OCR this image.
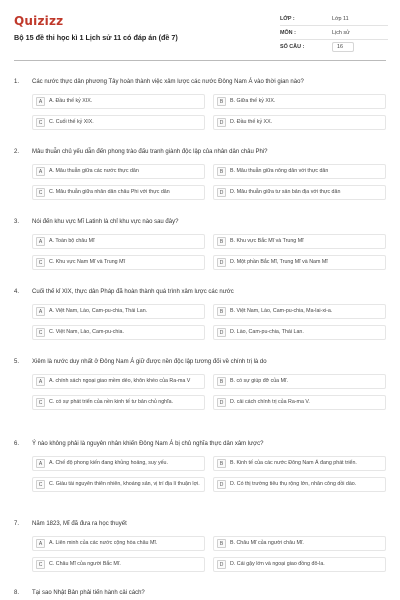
Quizizz
Bộ 15 đề thi học kì 1 Lịch sử 11 có đáp án (đề 7)
LỚP :	Lớp 11
MÔN :	Lịch sử
SỐ CÂU :	16
1.	Các nước thực dân phương Tây hoàn thành việc xâm lược các nước Đông Nam Á vào thời gian nào?
A	A. Đầu thế kỷ XIX.	B	B. Giữa thế kỷ XIX.
C	C. Cuối thế kỷ XIX.	D	D. Đầu thế kỷ XX.
2.	Mâu thuẫn chủ yếu dẫn đến phong trào đấu tranh giành độc lập của nhân dân châu Phi?
A	A. Mâu thuẫn giữa các nước thực dân	B	B. Mâu thuẫn giữa nông dân với thực dân
C	C. Mâu thuẫn giữa nhân dân châu Phi với thực dân	D	D. Mâu thuẫn giữa tư sản bản địa với thực dân
3.	Nói đến khu vực Mĩ Latinh là chỉ khu vực nào sau đây?
A	A. Toàn bộ châu Mĩ	B	B. Khu vực Bắc Mĩ và Trung Mĩ
C	C. Khu vực Nam Mĩ và Trung Mĩ	D	D. Một phần Bắc Mĩ, Trung Mĩ và Nam Mĩ
4.	Cuối thế kỉ XIX, thực dân Pháp đã hoàn thành quá trình xâm lược các nước
A	A. Việt Nam, Lào, Cam-pu-chia, Thái Lan.	B	B. Việt Nam, Lào, Cam-pu-chia, Ma-lai-xi-a.
C	C. Việt Nam, Lào, Cam-pu-chia.	D	D. Lào, Cam-pu-chia, Thái Lan.
5.	Xiêm là nước duy nhất ở Đông Nam Á giữ được nền độc lập tương đối về chính trị là do
A	A. chính sách ngoại giao mềm dẻo, khôn khéo của Ra-ma V	B	B. có sự giúp đỡ của Mĩ.
C	C. có sự phát triển của nền kinh tế tư bản chủ nghĩa.	D	D. cải cách chính trị của Ra-ma V.
6.	Ý nào không phải là nguyên nhân khiến Đông Nam Á bị chủ nghĩa thực dân xâm lược?
A	A. Chế độ phong kiến đang khủng hoảng, suy yếu.	B	B. Kinh tế của các nước Đông Nam Á đang phát triển.
C	C. Giàu tài nguyên thiên nhiên, khoáng sản, vị trí địa lí thuận lợi.	D	D. Có thị trường tiêu thụ rộng lớn, nhân công dồi dào.
7.	Năm 1823, Mĩ đã đưa ra học thuyết
A	A. Liên minh của các nước cộng hòa châu Mĩ.	B	B. Châu Mĩ của người châu Mĩ.
C	C. Châu Mĩ của người Bắc Mĩ.	D	D. Cái gậy lớn và ngoại giao đồng đô-la.
8.	Tại sao Nhật Bản phải tiến hành cải cách?
